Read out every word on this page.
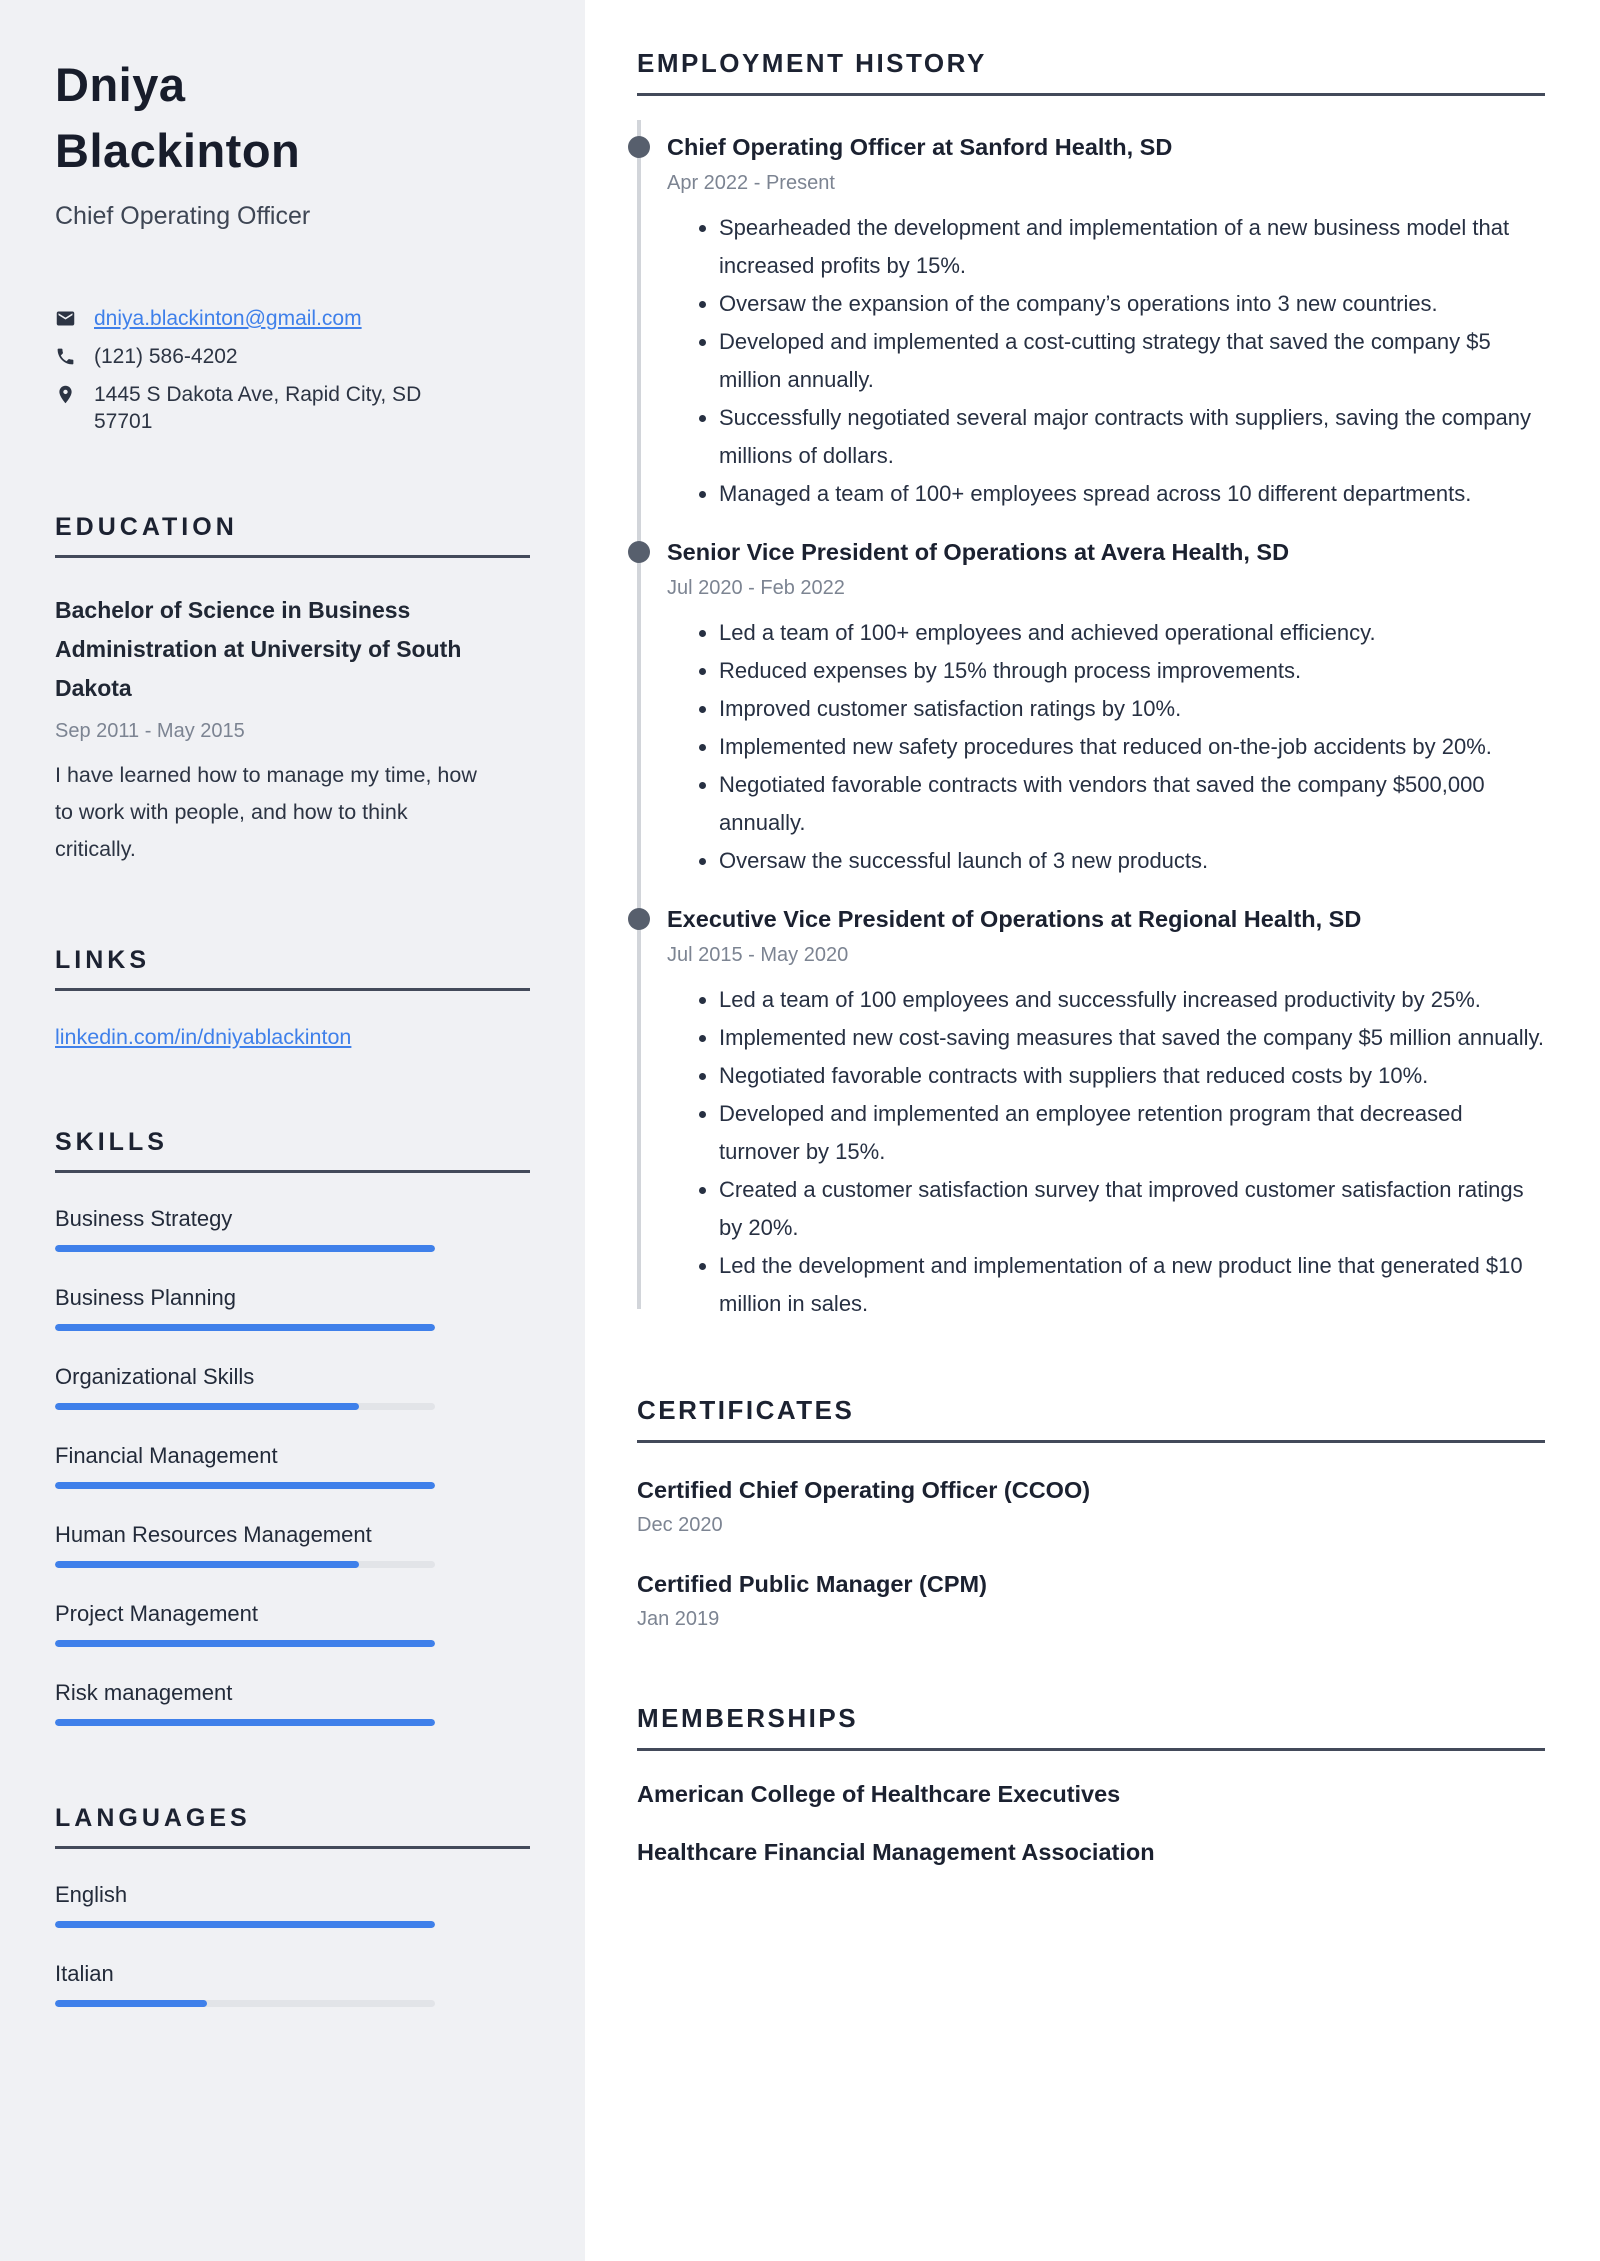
Dniya Blackinton
Chief Operating Officer
dniya.blackinton@gmail.com
(121) 586-4202
1445 S Dakota Ave, Rapid City, SD 57701
EDUCATION
Bachelor of Science in Business Administration at University of South Dakota
Sep 2011 - May 2015
I have learned how to manage my time, how to work with people, and how to think critically.
LINKS
linkedin.com/in/dniyablackinton
SKILLS
Business Strategy
Business Planning
Organizational Skills
Financial Management
Human Resources Management
Project Management
Risk management
LANGUAGES
English
Italian
EMPLOYMENT HISTORY
Chief Operating Officer at Sanford Health, SD
Apr 2022 - Present
• Spearheaded the development and implementation of a new business model that increased profits by 15%.
• Oversaw the expansion of the company’s operations into 3 new countries.
• Developed and implemented a cost-cutting strategy that saved the company $5 million annually.
• Successfully negotiated several major contracts with suppliers, saving the company millions of dollars.
• Managed a team of 100+ employees spread across 10 different departments.
Senior Vice President of Operations at Avera Health, SD
Jul 2020 - Feb 2022
• Led a team of 100+ employees and achieved operational efficiency.
• Reduced expenses by 15% through process improvements.
• Improved customer satisfaction ratings by 10%.
• Implemented new safety procedures that reduced on-the-job accidents by 20%.
• Negotiated favorable contracts with vendors that saved the company $500,000 annually.
• Oversaw the successful launch of 3 new products.
Executive Vice President of Operations at Regional Health, SD
Jul 2015 - May 2020
• Led a team of 100 employees and successfully increased productivity by 25%.
• Implemented new cost-saving measures that saved the company $5 million annually.
• Negotiated favorable contracts with suppliers that reduced costs by 10%.
• Developed and implemented an employee retention program that decreased turnover by 15%.
• Created a customer satisfaction survey that improved customer satisfaction ratings by 20%.
• Led the development and implementation of a new product line that generated $10 million in sales.
CERTIFICATES
Certified Chief Operating Officer (CCOO)
Dec 2020
Certified Public Manager (CPM)
Jan 2019
MEMBERSHIPS
American College of Healthcare Executives
Healthcare Financial Management Association
